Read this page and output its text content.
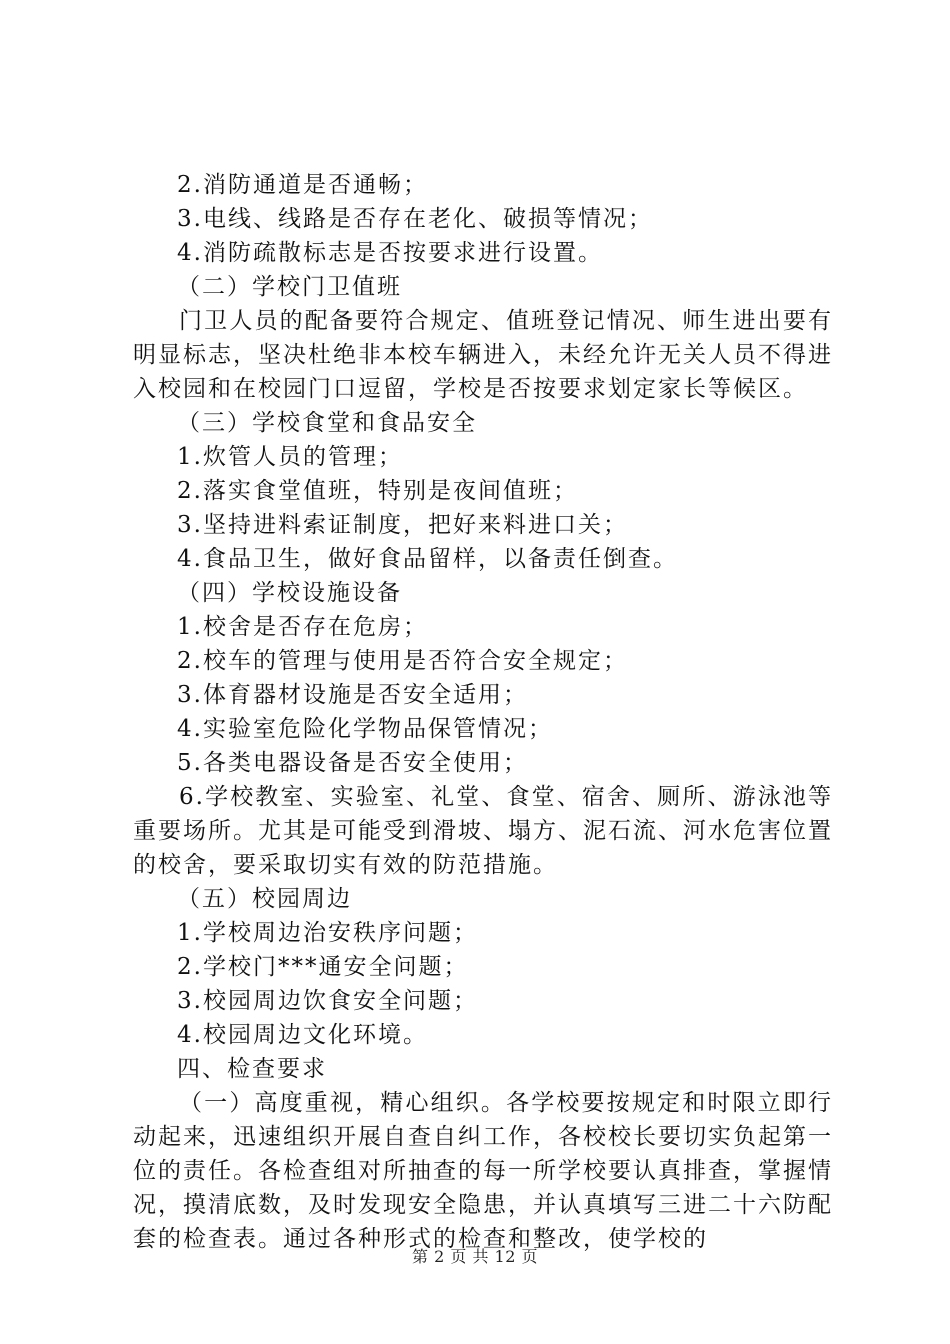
2.消防通道是否通畅；
3.电线、线路是否存在老化、破损等情况；
4.消防疏散标志是否按要求进行设置。
（二）学校门卫值班

门卫人员的配备要符合规定、值班登记情况、师生进出要有明显标志，坚决杜绝非本校车辆进入，未经允许无关人员不得进入校园和在校园门口逗留，学校是否按要求划定家长等候区。

（三）学校食堂和食品安全
1.炊管人员的管理；
2.落实食堂值班，特别是夜间值班；
3.坚持进料索证制度，把好来料进口关；
4.食品卫生，做好食品留样，以备责任倒查。
（四）学校设施设备
1.校舍是否存在危房；
2.校车的管理与使用是否符合安全规定；
3.体育器材设施是否安全适用；
4.实验室危险化学物品保管情况；
5.各类电器设备是否安全使用；

6.学校教室、实验室、礼堂、食堂、宿舍、厕所、游泳池等重要场所。尤其是可能受到滑坡、塌方、泥石流、河水危害位置的校舍，要采取切实有效的防范措施。

（五）校园周边
1.学校周边治安秩序问题；
2.学校门***通安全问题；
3.校园周边饮食安全问题；
4.校园周边文化环境。
四、检查要求

（一）高度重视，精心组织。各学校要按规定和时限立即行动起来，迅速组织开展自查自纠工作，各校校长要切实负起第一位的责任。各检查组对所抽查的每一所学校要认真排查，掌握情况，摸清底数，及时发现安全隐患，并认真填写三进二十六防配套的检查表。通过各种形式的检查和整改，使学校的

第 2 页 共 12 页
